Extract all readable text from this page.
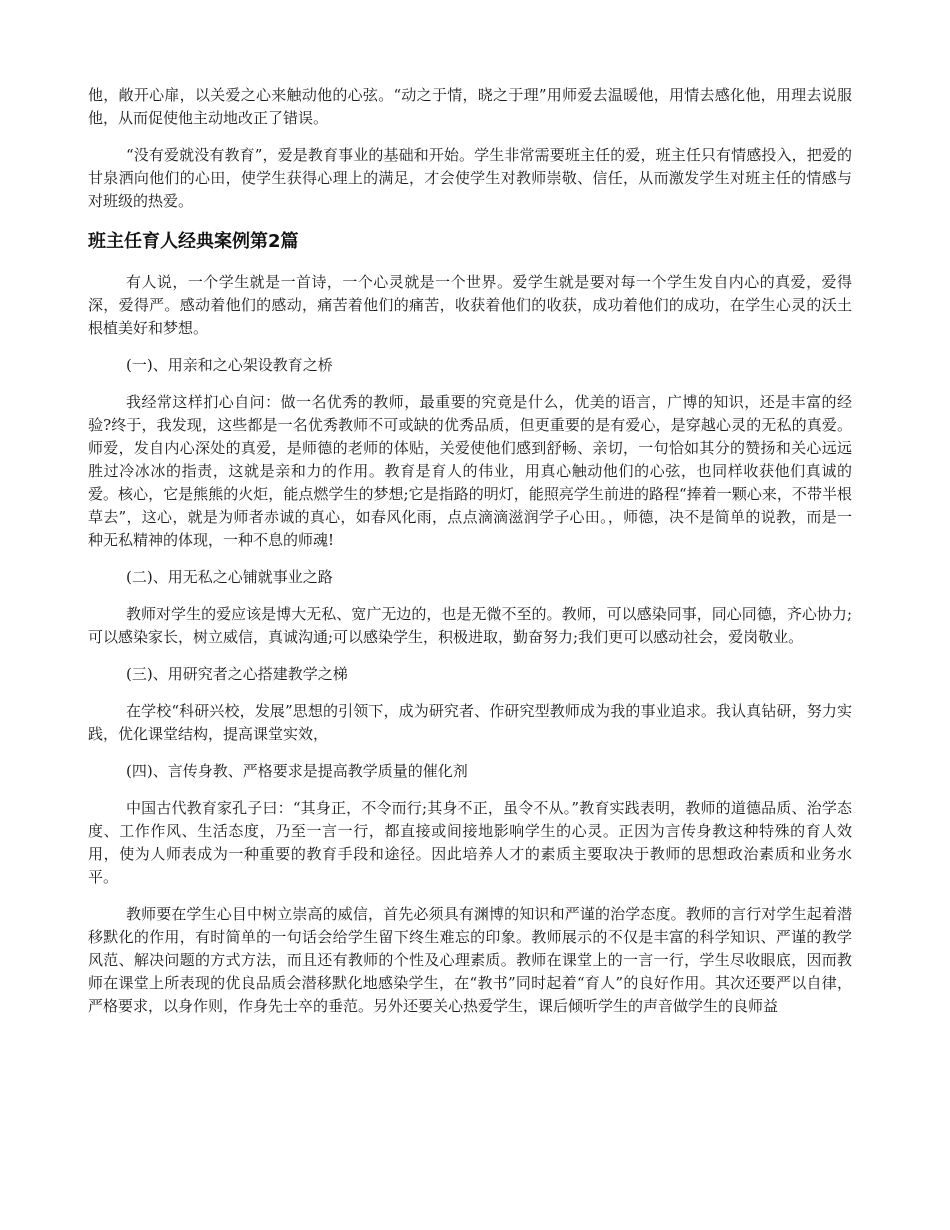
他，敞开心扉，以关爱之心来触动他的心弦。“动之于情，晓之于理”用师爱去温暖他，用情去感化他，用理去说服他，从而促使他主动地改正了错误。

“没有爱就没有教育”，爱是教育事业的基础和开始。学生非常需要班主任的爱，班主任只有情感投入，把爱的甘泉洒向他们的心田，使学生获得心理上的满足，才会使学生对教师崇敬、信任，从而激发学生对班主任的情感与对班级的热爱。

班主任育人经典案例第2篇

有人说，一个学生就是一首诗，一个心灵就是一个世界。爱学生就是要对每一个学生发自内心的真爱，爱得深，爱得严。感动着他们的感动，痛苦着他们的痛苦，收获着他们的收获，成功着他们的成功，在学生心灵的沃土根植美好和梦想。

(一)、用亲和之心架设教育之桥

我经常这样扪心自问：做一名优秀的教师，最重要的究竟是什么，优美的语言，广博的知识，还是丰富的经验?终于，我发现，这些都是一名优秀教师不可或缺的优秀品质，但更重要的是有爱心，是穿越心灵的无私的真爱。师爱，发自内心深处的真爱，是师德的老师的体贴，关爱使他们感到舒畅、亲切，一句恰如其分的赞扬和关心远远胜过冷冰冰的指责，这就是亲和力的作用。教育是育人的伟业，用真心触动他们的心弦，也同样收获他们真诚的爱。核心，它是熊熊的火炬，能点燃学生的梦想;它是指路的明灯，能照亮学生前进的路程“捧着一颗心来，不带半根草去”，这心，就是为师者赤诚的真心，如春风化雨，点点滴滴滋润学子心田。，师德，决不是简单的说教，而是一种无私精神的体现，一种不息的师魂!

(二)、用无私之心铺就事业之路

教师对学生的爱应该是博大无私、宽广无边的，也是无微不至的。教师，可以感染同事，同心同德，齐心协力;可以感染家长，树立威信，真诚沟通;可以感染学生，积极进取，勤奋努力;我们更可以感动社会，爱岗敬业。

(三)、用研究者之心搭建教学之梯

在学校“科研兴校，发展”思想的引领下，成为研究者、作研究型教师成为我的事业追求。我认真钻研，努力实践，优化课堂结构，提高课堂实效，

(四)、言传身教、严格要求是提高教学质量的催化剂

中国古代教育家孔子曰：“其身正，不令而行;其身不正，虽令不从。”教育实践表明，教师的道德品质、治学态度、工作作风、生活态度，乃至一言一行，都直接或间接地影响学生的心灵。正因为言传身教这种特殊的育人效用，使为人师表成为一种重要的教育手段和途径。因此培养人才的素质主要取决于教师的思想政治素质和业务水平。

教师要在学生心目中树立崇高的威信，首先必须具有渊博的知识和严谨的治学态度。教师的言行对学生起着潜移默化的作用，有时简单的一句话会给学生留下终生难忘的印象。教师展示的不仅是丰富的科学知识、严谨的教学风范、解决问题的方式方法，而且还有教师的个性及心理素质。教师在课堂上的一言一行，学生尽收眼底，因而教师在课堂上所表现的优良品质会潜移默化地感染学生，在“教书”同时起着“育人”的良好作用。其次还要严以自律，严格要求，以身作则，作身先士卒的垂范。另外还要关心热爱学生，课后倾听学生的声音做学生的良师益
